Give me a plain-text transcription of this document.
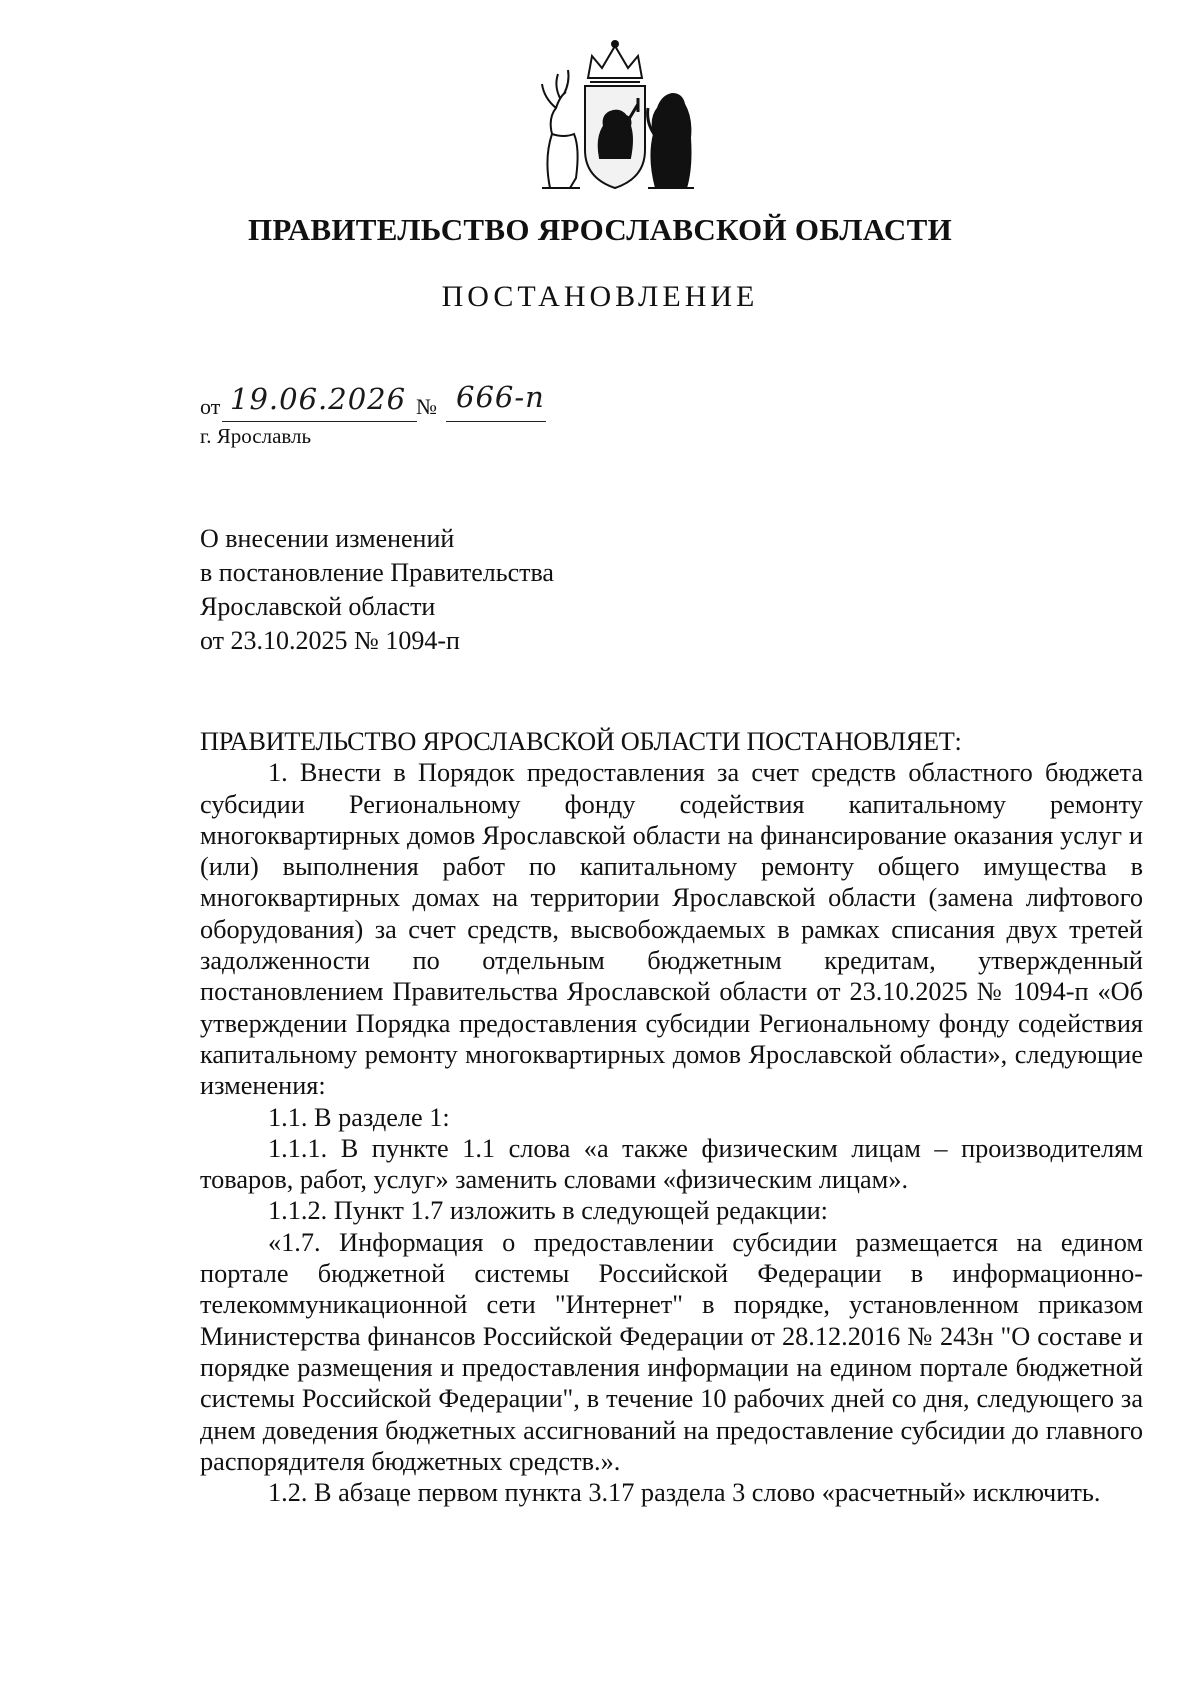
ПРАВИТЕЛЬСТВО ЯРОСЛАВСКОЙ ОБЛАСТИ
ПОСТАНОВЛЕНИЕ
от 19.06.2026 № 666-п
г. Ярославль
О внесении изменений
в постановление Правительства
Ярославской области
от 23.10.2025 № 1094-п
ПРАВИТЕЛЬСТВО ЯРОСЛАВСКОЙ ОБЛАСТИ ПОСТАНОВЛЯЕТ:

1. Внести в Порядок предоставления за счет средств областного бюджета субсидии Региональному фонду содействия капитальному ремонту многоквартирных домов Ярославской области на финансирование оказания услуг и (или) выполнения работ по капитальному ремонту общего имущества в многоквартирных домах на территории Ярославской области (замена лифтового оборудования) за счет средств, высвобождаемых в рамках списания двух третей задолженности по отдельным бюджетным кредитам, утвержденный постановлением Правительства Ярославской области от 23.10.2025 № 1094-п «Об утверждении Порядка предоставления субсидии Региональному фонду содействия капитальному ремонту многоквартирных домов Ярославской области», следующие изменения:

1.1. В разделе 1:

1.1.1. В пункте 1.1 слова «а также физическим лицам – производителям товаров, работ, услуг» заменить словами «физическим лицам».

1.1.2. Пункт 1.7 изложить в следующей редакции:

«1.7. Информация о предоставлении субсидии размещается на едином портале бюджетной системы Российской Федерации в информационно-телекоммуникационной сети "Интернет" в порядке, установленном приказом Министерства финансов Российской Федерации от 28.12.2016 № 243н "О составе и порядке размещения и предоставления информации на едином портале бюджетной системы Российской Федерации", в течение 10 рабочих дней со дня, следующего за днем доведения бюджетных ассигнований на предоставление субсидии до главного распорядителя бюджетных средств.».

1.2. В абзаце первом пункта 3.17 раздела 3 слово «расчетный» исключить.
